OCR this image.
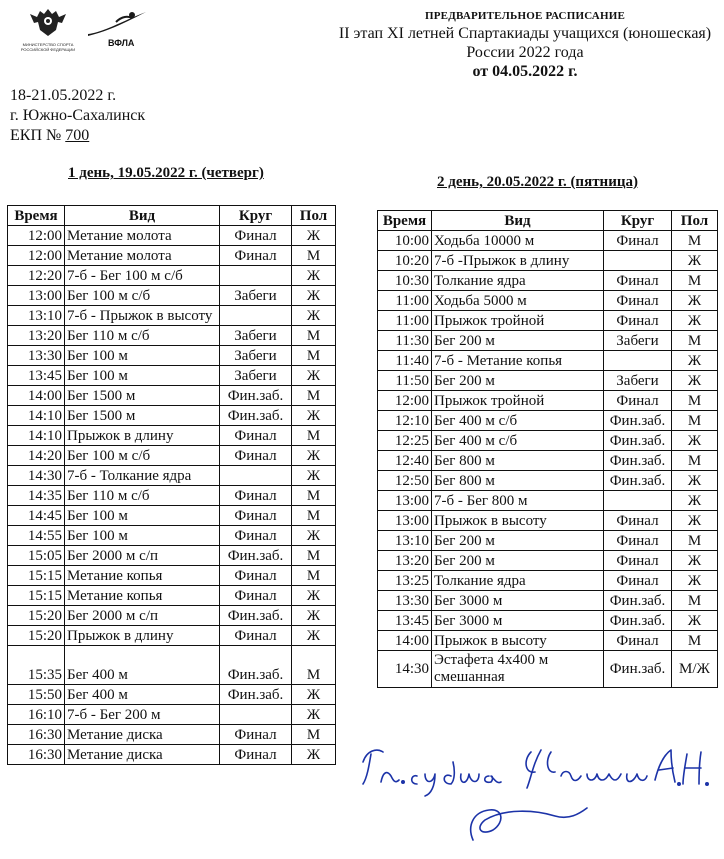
МИНИСТЕРСТВО СПОРТА РОССИЙСКОЙ ФЕДЕРАЦИИ
ВФЛА
ПРЕДВАРИТЕЛЬНОЕ РАСПИСАНИЕ
II этап XI летней Спартакиады учащихся (юношеская)
России 2022 года
от 04.05.2022 г.
18-21.05.2022 г.
г. Южно-Сахалинск
ЕКП № 700
1 день, 19.05.2022 г. (четверг)
2 день, 20.05.2022 г. (пятница)
Время	Вид	Круг	Пол
12:00	Метание молота	Финал	Ж
12:00	Метание молота	Финал	М
12:20	7-б - Бег 100 м с/б		Ж
13:00	Бег 100 м с/б	Забеги	Ж
13:10	7-б - Прыжок в высоту		Ж
13:20	Бег 110 м с/б	Забеги	М
13:30	Бег 100 м	Забеги	М
13:45	Бег 100 м	Забеги	Ж
14:00	Бег 1500 м	Фин.заб.	М
14:10	Бег 1500 м	Фин.заб.	Ж
14:10	Прыжок в длину	Финал	М
14:20	Бег 100 м с/б	Финал	Ж
14:30	7-б - Толкание ядра		Ж
14:35	Бег 110 м с/б	Финал	М
14:45	Бег 100 м	Финал	М
14:55	Бег 100 м	Финал	Ж
15:05	Бег 2000 м с/п	Фин.заб.	М
15:15	Метание копья	Финал	М
15:15	Метание копья	Финал	Ж
15:20	Бег 2000 м с/п	Фин.заб.	Ж
15:20	Прыжок в длину	Финал	Ж

15:35	Бег 400 м	Фин.заб.	М
15:50	Бег 400 м	Фин.заб.	Ж
16:10	7-б - Бег 200 м		Ж
16:30	Метание диска	Финал	М
16:30	Метание диска	Финал	Ж
Время	Вид	Круг	Пол
10:00	Ходьба 10000 м	Финал	М
10:20	7-б -Прыжок в длину		Ж
10:30	Толкание ядра	Финал	М
11:00	Ходьба 5000 м	Финал	Ж
11:00	Прыжок тройной	Финал	Ж
11:30	Бег 200 м	Забеги	М
11:40	7-б - Метание копья		Ж
11:50	Бег 200 м	Забеги	Ж
12:00	Прыжок тройной	Финал	М
12:10	Бег 400 м с/б	Фин.заб.	М
12:25	Бег 400 м с/б	Фин.заб.	Ж
12:40	Бег 800 м	Фин.заб.	М
12:50	Бег 800 м	Фин.заб.	Ж
13:00	7-б - Бег 800 м		Ж
13:00	Прыжок в высоту	Финал	Ж
13:10	Бег 200 м	Финал	М
13:20	Бег 200 м	Финал	Ж
13:25	Толкание ядра	Финал	Ж
13:30	Бег 3000 м	Фин.заб.	М
13:45	Бег 3000 м	Фин.заб.	Ж
14:00	Прыжок в высоту	Финал	М
14:30	Эстафета 4х400 м смешанная	Фин.заб.	М/Ж
